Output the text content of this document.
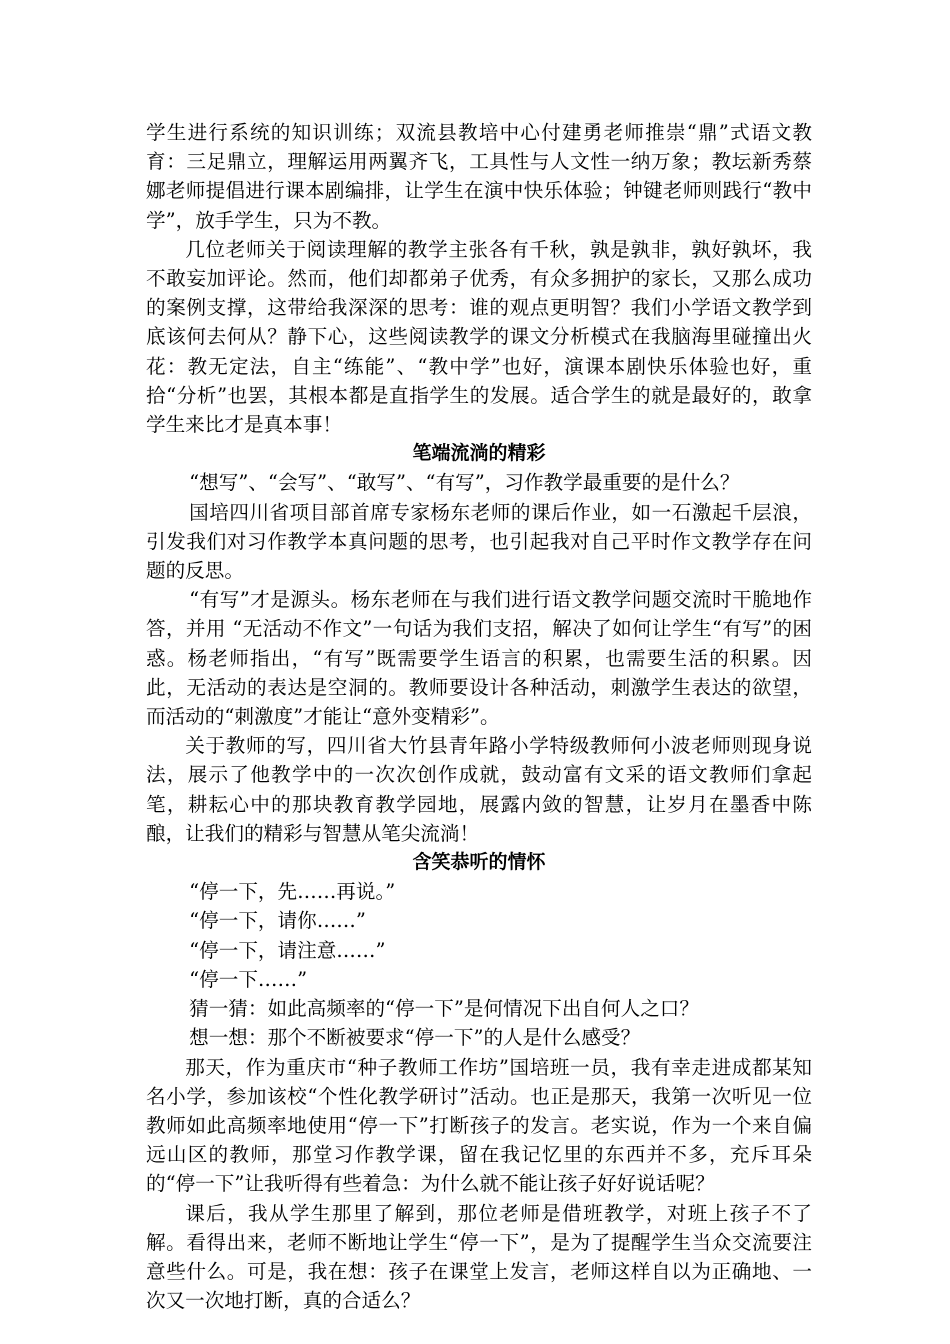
学生进行系统的知识训练；双流县教培中心付建勇老师推崇“鼎”式语文教育：三足鼎立，理解运用两翼齐飞，工具性与人文性一纳万象；教坛新秀蔡娜老师提倡进行课本剧编排，让学生在演中快乐体验；钟键老师则践行“教中学”，放手学生，只为不教。

几位老师关于阅读理解的教学主张各有千秋，孰是孰非，孰好孰坏，我不敢妄加评论。然而，他们却都弟子优秀，有众多拥护的家长，又那么成功的案例支撑，这带给我深深的思考：谁的观点更明智？我们小学语文教学到底该何去何从？静下心，这些阅读教学的课文分析模式在我脑海里碰撞出火花：教无定法，自主“练能”、“教中学”也好，演课本剧快乐体验也好，重拾“分析”也罢，其根本都是直指学生的发展。适合学生的就是最好的，敢拿学生来比才是真本事！

笔端流淌的精彩

“想写”、“会写”、“敢写”、“有写”，习作教学最重要的是什么？

国培四川省项目部首席专家杨东老师的课后作业，如一石激起千层浪，引发我们对习作教学本真问题的思考，也引起我对自己平时作文教学存在问题的反思。

“有写”才是源头。杨东老师在与我们进行语文教学问题交流时干脆地作答，并用 “无活动不作文”一句话为我们支招，解决了如何让学生“有写”的困惑。杨老师指出，“有写”既需要学生语言的积累，也需要生活的积累。因此，无活动的表达是空洞的。教师要设计各种活动，刺激学生表达的欲望，而活动的“刺激度”才能让“意外变精彩”。

关于教师的写，四川省大竹县青年路小学特级教师何小波老师则现身说法，展示了他教学中的一次次创作成就，鼓动富有文采的语文教师们拿起笔，耕耘心中的那块教育教学园地，展露内敛的智慧，让岁月在墨香中陈酿，让我们的精彩与智慧从笔尖流淌！

含笑恭听的情怀

“停一下，先……再说。”

“停一下，请你……”

“停一下，请注意……”

“停一下……”

猜一猜：如此高频率的“停一下”是何情况下出自何人之口？

想一想：那个不断被要求“停一下”的人是什么感受？

那天，作为重庆市“种子教师工作坊”国培班一员，我有幸走进成都某知名小学，参加该校“个性化教学研讨”活动。也正是那天，我第一次听见一位教师如此高频率地使用“停一下”打断孩子的发言。老实说，作为一个来自偏远山区的教师，那堂习作教学课，留在我记忆里的东西并不多，充斥耳朵的“停一下”让我听得有些着急：为什么就不能让孩子好好说话呢？

课后，我从学生那里了解到，那位老师是借班教学，对班上孩子不了解。看得出来，老师不断地让学生“停一下”，是为了提醒学生当众交流要注意些什么。可是，我在想：孩子在课堂上发言，老师这样自以为正确地、一次又一次地打断，真的合适么？
